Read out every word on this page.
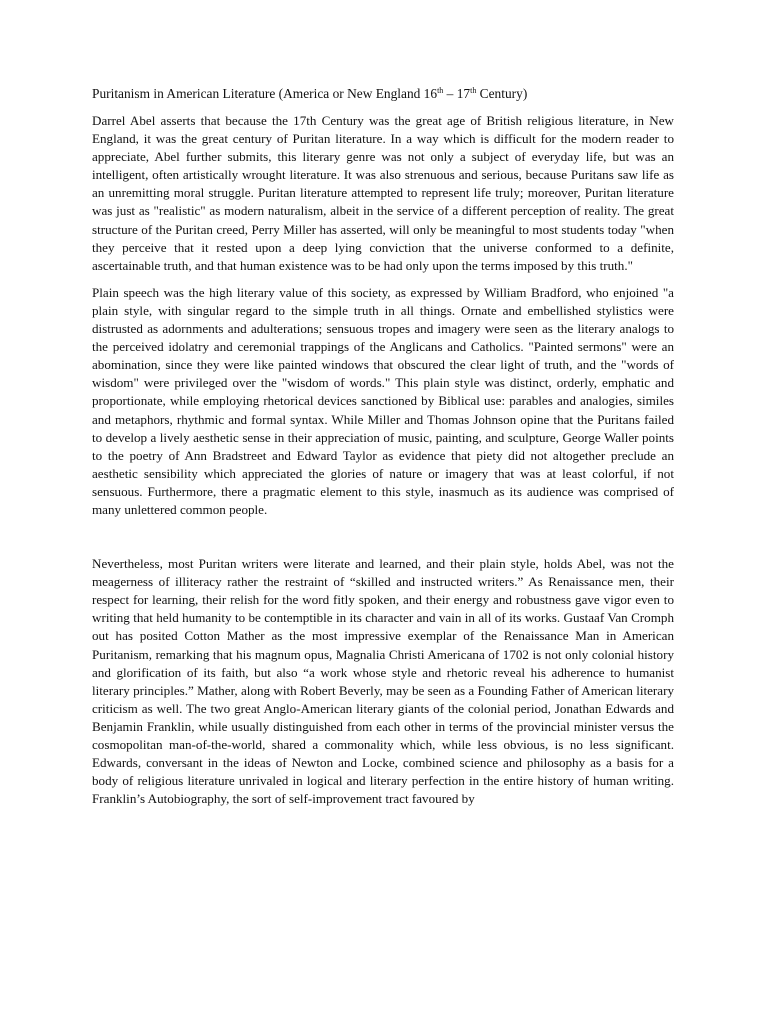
Puritanism in American Literature (America or New England 16th – 17th Century)

Darrel Abel asserts that because the 17th Century was the great age of British religious literature, in New England, it was the great century of Puritan literature. In a way which is difficult for the modern reader to appreciate, Abel further submits, this literary genre was not only a subject of everyday life, but was an intelligent, often artistically wrought literature. It was also strenuous and serious, because Puritans saw life as an unremitting moral struggle. Puritan literature attempted to represent life truly; moreover, Puritan literature was just as "realistic" as modern naturalism, albeit in the service of a different perception of reality. The great structure of the Puritan creed, Perry Miller has asserted, will only be meaningful to most students today "when they perceive that it rested upon a deep lying conviction that the universe conformed to a definite, ascertainable truth, and that human existence was to be had only upon the terms imposed by this truth."

Plain speech was the high literary value of this society, as expressed by William Bradford, who enjoined "a plain style, with singular regard to the simple truth in all things. Ornate and embellished stylistics were distrusted as adornments and adulterations; sensuous tropes and imagery were seen as the literary analogs to the perceived idolatry and ceremonial trappings of the Anglicans and Catholics. "Painted sermons" were an abomination, since they were like painted windows that obscured the clear light of truth, and the "words of wisdom" were privileged over the "wisdom of words." This plain style was distinct, orderly, emphatic and proportionate, while employing rhetorical devices sanctioned by Biblical use: parables and analogies, similes and metaphors, rhythmic and formal syntax. While Miller and Thomas Johnson opine that the Puritans failed to develop a lively aesthetic sense in their appreciation of music, painting, and sculpture, George Waller points to the poetry of Ann Bradstreet and Edward Taylor as evidence that piety did not altogether preclude an aesthetic sensibility which appreciated the glories of nature or imagery that was at least colorful, if not sensuous. Furthermore, there a pragmatic element to this style, inasmuch as its audience was comprised of many unlettered common people.

Nevertheless, most Puritan writers were literate and learned, and their plain style, holds Abel, was not the meagerness of illiteracy rather the restraint of “skilled and instructed writers.” As Renaissance men, their respect for learning, their relish for the word fitly spoken, and their energy and robustness gave vigor even to writing that held humanity to be contemptible in its character and vain in all of its works. Gustaaf Van Cromph out has posited Cotton Mather as the most impressive exemplar of the Renaissance Man in American Puritanism, remarking that his magnum opus, Magnalia Christi Americana of 1702 is not only colonial history and glorification of its faith, but also “a work whose style and rhetoric reveal his adherence to humanist literary principles.” Mather, along with Robert Beverly, may be seen as a Founding Father of American literary criticism as well. The two great Anglo-American literary giants of the colonial period, Jonathan Edwards and Benjamin Franklin, while usually distinguished from each other in terms of the provincial minister versus the cosmopolitan man-of-the-world, shared a commonality which, while less obvious, is no less significant. Edwards, conversant in the ideas of Newton and Locke, combined science and philosophy as a basis for a body of religious literature unrivaled in logical and literary perfection in the entire history of human writing. Franklin’s Autobiography, the sort of self-improvement tract favoured by
